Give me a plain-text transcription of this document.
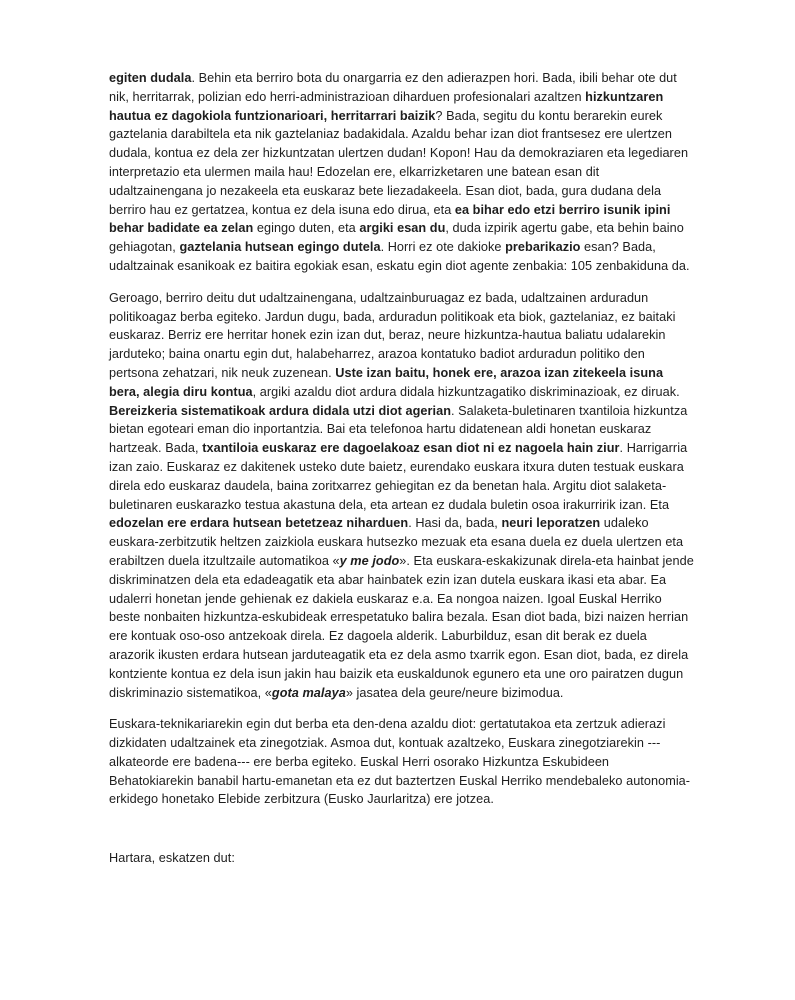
egiten dudala. Behin eta berriro bota du onargarria ez den adierazpen hori. Bada, ibili behar ote dut nik, herritarrak, polizian edo herri-administrazioan diharduen profesionalari azaltzen hizkuntzaren hautua ez dagokiola funtzionarioari, herritarrari baizik? Bada, segitu du kontu berarekin eurek gaztelania darabiltela eta nik gaztelaniaz badakidala. Azaldu behar izan diot frantsesez ere ulertzen dudala, kontua ez dela zer hizkuntzatan ulertzen dudan! Kopon! Hau da demokraziaren eta legediaren interpretazio eta ulermen maila hau! Edozelan ere, elkarrizketaren une batean esan dit udaltzainengana jo nezakeela eta euskaraz bete liezadakeela. Esan diot, bada, gura dudana dela berriro hau ez gertatzea, kontua ez dela isuna edo dirua, eta ea bihar edo etzi berriro isunik ipini behar badidate ea zelan egingo duten, eta argiki esan du, duda izpirik agertu gabe, eta behin baino gehiagotan, gaztelania hutsean egingo dutela. Horri ez ote dakioke prebarikazio esan? Bada, udaltzainak esanikoak ez baitira egokiak esan, eskatu egin diot agente zenbakia: 105 zenbakiduna da.

Geroago, berriro deitu dut udaltzainengana, udaltzainburuagaz ez bada, udaltzainen arduradun politikoagaz berba egiteko. Jardun dugu, bada, arduradun politikoak eta biok, gaztelaniaz, ez baitaki euskaraz. Berriz ere herritar honek ezin izan dut, beraz, neure hizkuntza-hautua baliatu udalarekin jarduteko; baina onartu egin dut, halabeharrez, arazoa kontatuko badiot arduradun politiko den pertsona zehatzari, nik neuk zuzenean. Uste izan baitu, honek ere, arazoa izan zitekeela isuna bera, alegia diru kontua, argiki azaldu diot ardura didala hizkuntzagatiko diskriminazioak, ez diruak. Bereizkeria sistematikoak ardura didala utzi diot agerian. Salaketa-buletinaren txantiloia hizkuntza bietan egoteari eman dio inportantzia. Bai eta telefonoa hartu didatenean aldi honetan euskaraz hartzeak. Bada, txantiloia euskaraz ere dagoelakoaz esan diot ni ez nagoela hain ziur. Harrigarria izan zaio. Euskaraz ez dakitenek usteko dute baietz, eurendako euskara itxura duten testuak euskara direla edo euskaraz daudela, baina zoritxarrez gehiegitan ez da benetan hala. Argitu diot salaketa-buletinaren euskarazko testua akastuna dela, eta artean ez dudala buletin osoa irakurririk izan. Eta edozelan ere erdara hutsean betetzeaz niharduen. Hasi da, bada, neuri leporatzen udaleko euskara-zerbitzutik heltzen zaizkiola euskara hutsezko mezuak eta esana duela ez duela ulertzen eta erabiltzen duela itzultzaile automatikoa «y me jodo». Eta euskara-eskakizunak direla-eta hainbat jende diskriminatzen dela eta edadeagatik eta abar hainbatek ezin izan dutela euskara ikasi eta abar. Ea udalerri honetan jende gehienak ez dakiela euskaraz e.a. Ea nongoa naizen. Igoal Euskal Herriko beste nonbaiten hizkuntza-eskubideak errespetatuko balira bezala. Esan diot bada, bizi naizen herrian ere kontuak oso-oso antzekoak direla. Ez dagoela alderik. Laburbilduz, esan dit berak ez duela arazorik ikusten erdara hutsean jarduteagatik eta ez dela asmo txarrik egon. Esan diot, bada, ez direla kontziente kontua ez dela isun jakin hau baizik eta euskaldunok egunero eta une oro pairatzen dugun diskriminazio sistematikoa, «gota malaya» jasatea dela geure/neure bizimodua.

Euskara-teknikariarekin egin dut berba eta den-dena azaldu diot: gertatutakoa eta zertzuk adierazi dizkidaten udaltzainek eta zinegotziak. Asmoa dut, kontuak azaltzeko, Euskara zinegotziarekin ---alkateorde ere badena--- ere berba egiteko. Euskal Herri osorako Hizkuntza Eskubideen Behatokiarekin banabil hartu-emanetan eta ez dut baztertzen Euskal Herriko mendebaleko autonomia-erkidego honetako Elebide zerbitzura (Eusko Jaurlaritza) ere jotzea.

Hartara, eskatzen dut:
